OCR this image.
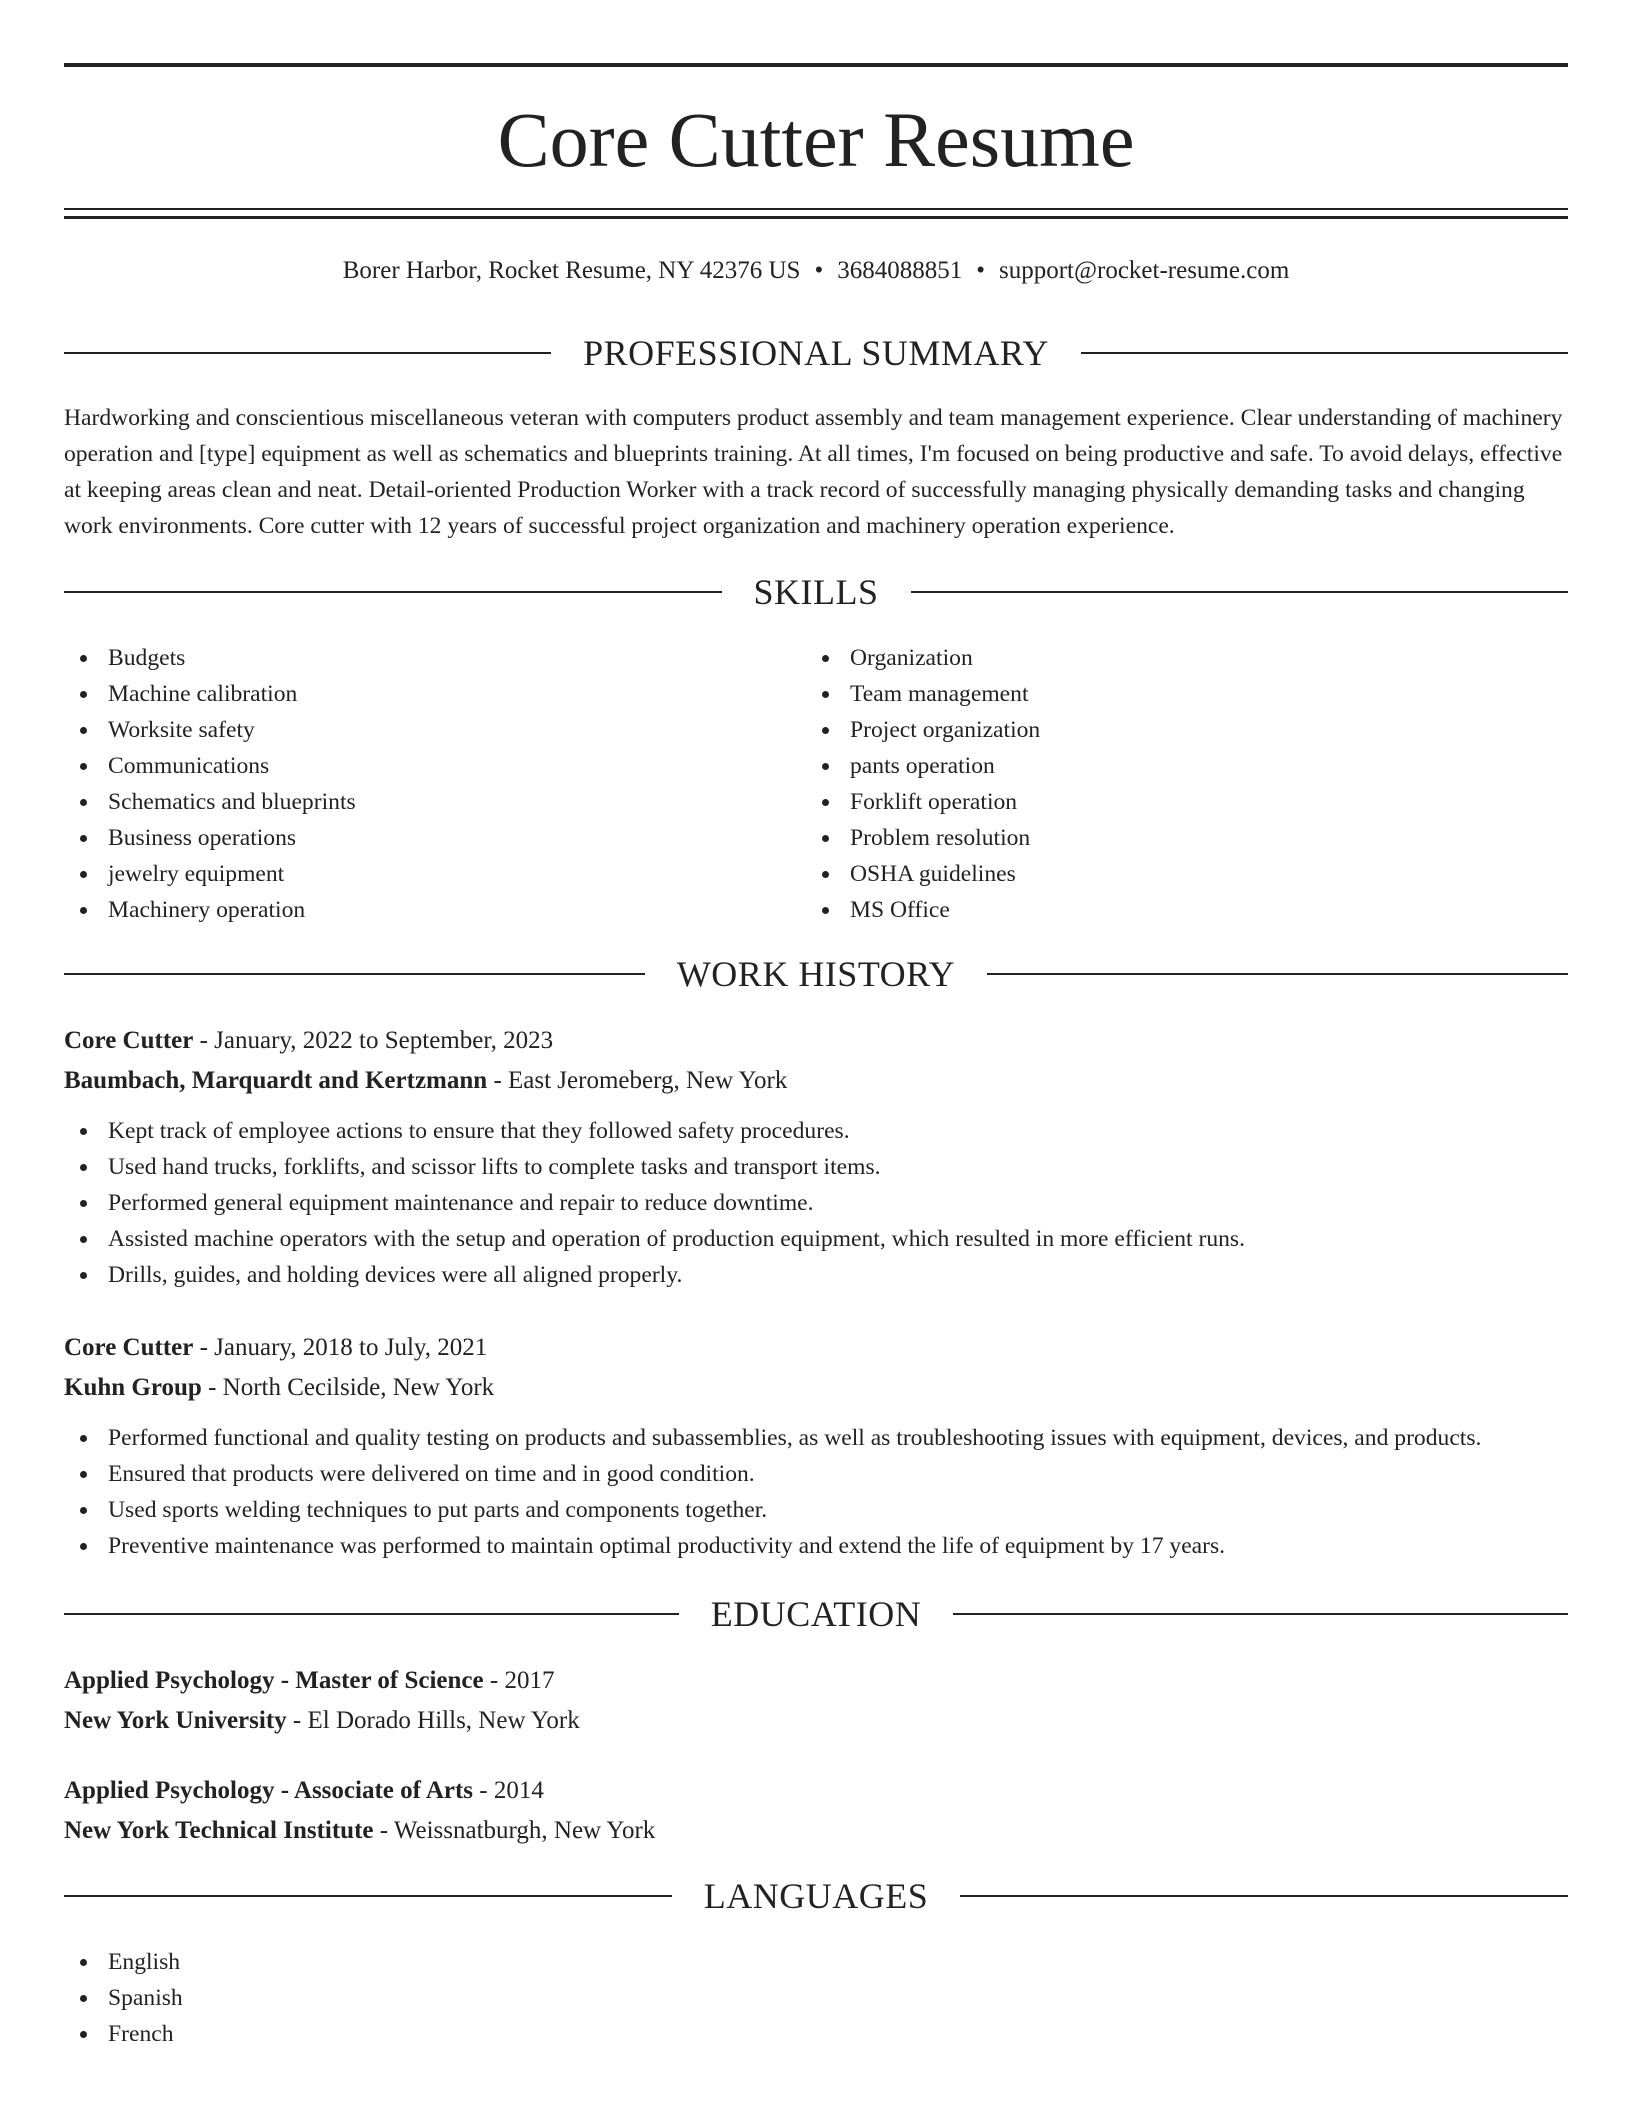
Core Cutter Resume
Borer Harbor, Rocket Resume, NY 42376 US • 3684088851 • support@rocket-resume.com
PROFESSIONAL SUMMARY

Hardworking and conscientious miscellaneous veteran with computers product assembly and team management experience. Clear understanding of machinery operation and [type] equipment as well as schematics and blueprints training. At all times, I'm focused on being productive and safe. To avoid delays, effective at keeping areas clean and neat. Detail-oriented Production Worker with a track record of successfully managing physically demanding tasks and changing work environments. Core cutter with 12 years of successful project organization and machinery operation experience.

SKILLS
Budgets
Machine calibration
Worksite safety
Communications
Schematics and blueprints
Business operations
jewelry equipment
Machinery operation
Organization
Team management
Project organization
pants operation
Forklift operation
Problem resolution
OSHA guidelines
MS Office
WORK HISTORY
Core Cutter - January, 2022 to September, 2023
Baumbach, Marquardt and Kertzmann - East Jeromeberg, New York
Kept track of employee actions to ensure that they followed safety procedures.
Used hand trucks, forklifts, and scissor lifts to complete tasks and transport items.
Performed general equipment maintenance and repair to reduce downtime.
Assisted machine operators with the setup and operation of production equipment, which resulted in more efficient runs.
Drills, guides, and holding devices were all aligned properly.
Core Cutter - January, 2018 to July, 2021
Kuhn Group - North Cecilside, New York
Performed functional and quality testing on products and subassemblies, as well as troubleshooting issues with equipment, devices, and products.
Ensured that products were delivered on time and in good condition.
Used sports welding techniques to put parts and components together.
Preventive maintenance was performed to maintain optimal productivity and extend the life of equipment by 17 years.
EDUCATION
Applied Psychology - Master of Science - 2017
New York University - El Dorado Hills, New York
Applied Psychology - Associate of Arts - 2014
New York Technical Institute - Weissnatburgh, New York
LANGUAGES
English
Spanish
French
